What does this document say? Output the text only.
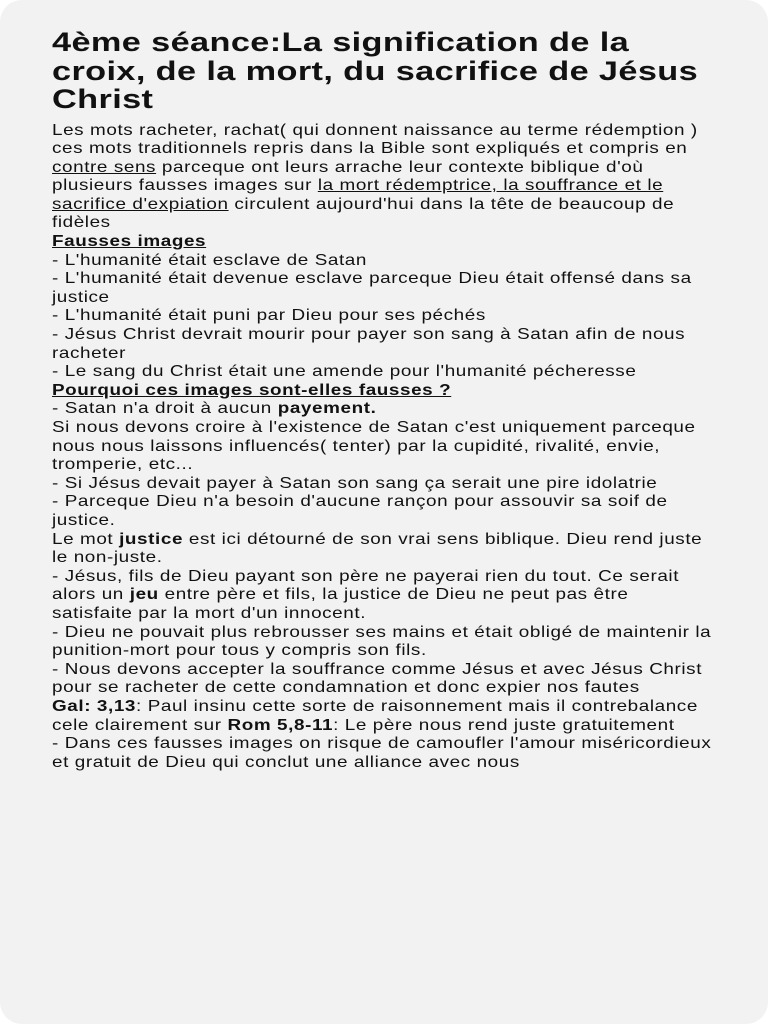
4ème séance:La signification de la croix, de la mort, du sacrifice de Jésus Christ
Les mots racheter, rachat( qui donnent naissance au terme rédemption ) ces mots traditionnels repris dans la Bible sont expliqués et compris en contre sens parceque ont leurs arrache leur contexte biblique d'où plusieurs fausses images sur la mort rédemptrice, la souffrance et le sacrifice d'expiation circulent aujourd'hui dans la tête de beaucoup de fidèles
Fausses images
- L'humanité était esclave de Satan
- L'humanité était devenue esclave parceque Dieu était offensé dans sa justice
- L'humanité était puni par Dieu pour ses péchés
- Jésus Christ devrait mourir pour payer son sang à Satan afin de nous racheter
- Le sang du Christ était une amende pour l'humanité pécheresse
Pourquoi ces images sont-elles fausses ?
- Satan n'a droit à aucun payement.
Si nous devons croire à l'existence de Satan c'est uniquement parceque nous nous laissons influencés( tenter) par la cupidité, rivalité, envie, tromperie, etc...
- Si Jésus devait payer à Satan son sang ça serait une pire idolatrie
- Parceque Dieu n'a besoin d'aucune rançon pour assouvir sa soif de justice.
Le mot justice est ici détourné de son vrai sens biblique. Dieu rend juste le non-juste.
- Jésus, fils de Dieu payant son père ne payerai rien du tout. Ce serait alors un jeu entre père et fils, la justice de Dieu ne peut pas être satisfaite par la mort d'un innocent.
- Dieu ne pouvait plus rebrousser ses mains et était obligé de maintenir la punition-mort pour tous y compris son fils.
- Nous devons accepter la souffrance comme Jésus et avec Jésus Christ pour se racheter de cette condamnation et donc expier nos fautes
Gal: 3,13: Paul insinu cette sorte de raisonnement mais il contrebalance cele clairement sur Rom 5,8-11: Le père nous rend juste gratuitement
- Dans ces fausses images on risque de camoufler l'amour miséricordieux et gratuit de Dieu qui conclut une alliance avec nous
